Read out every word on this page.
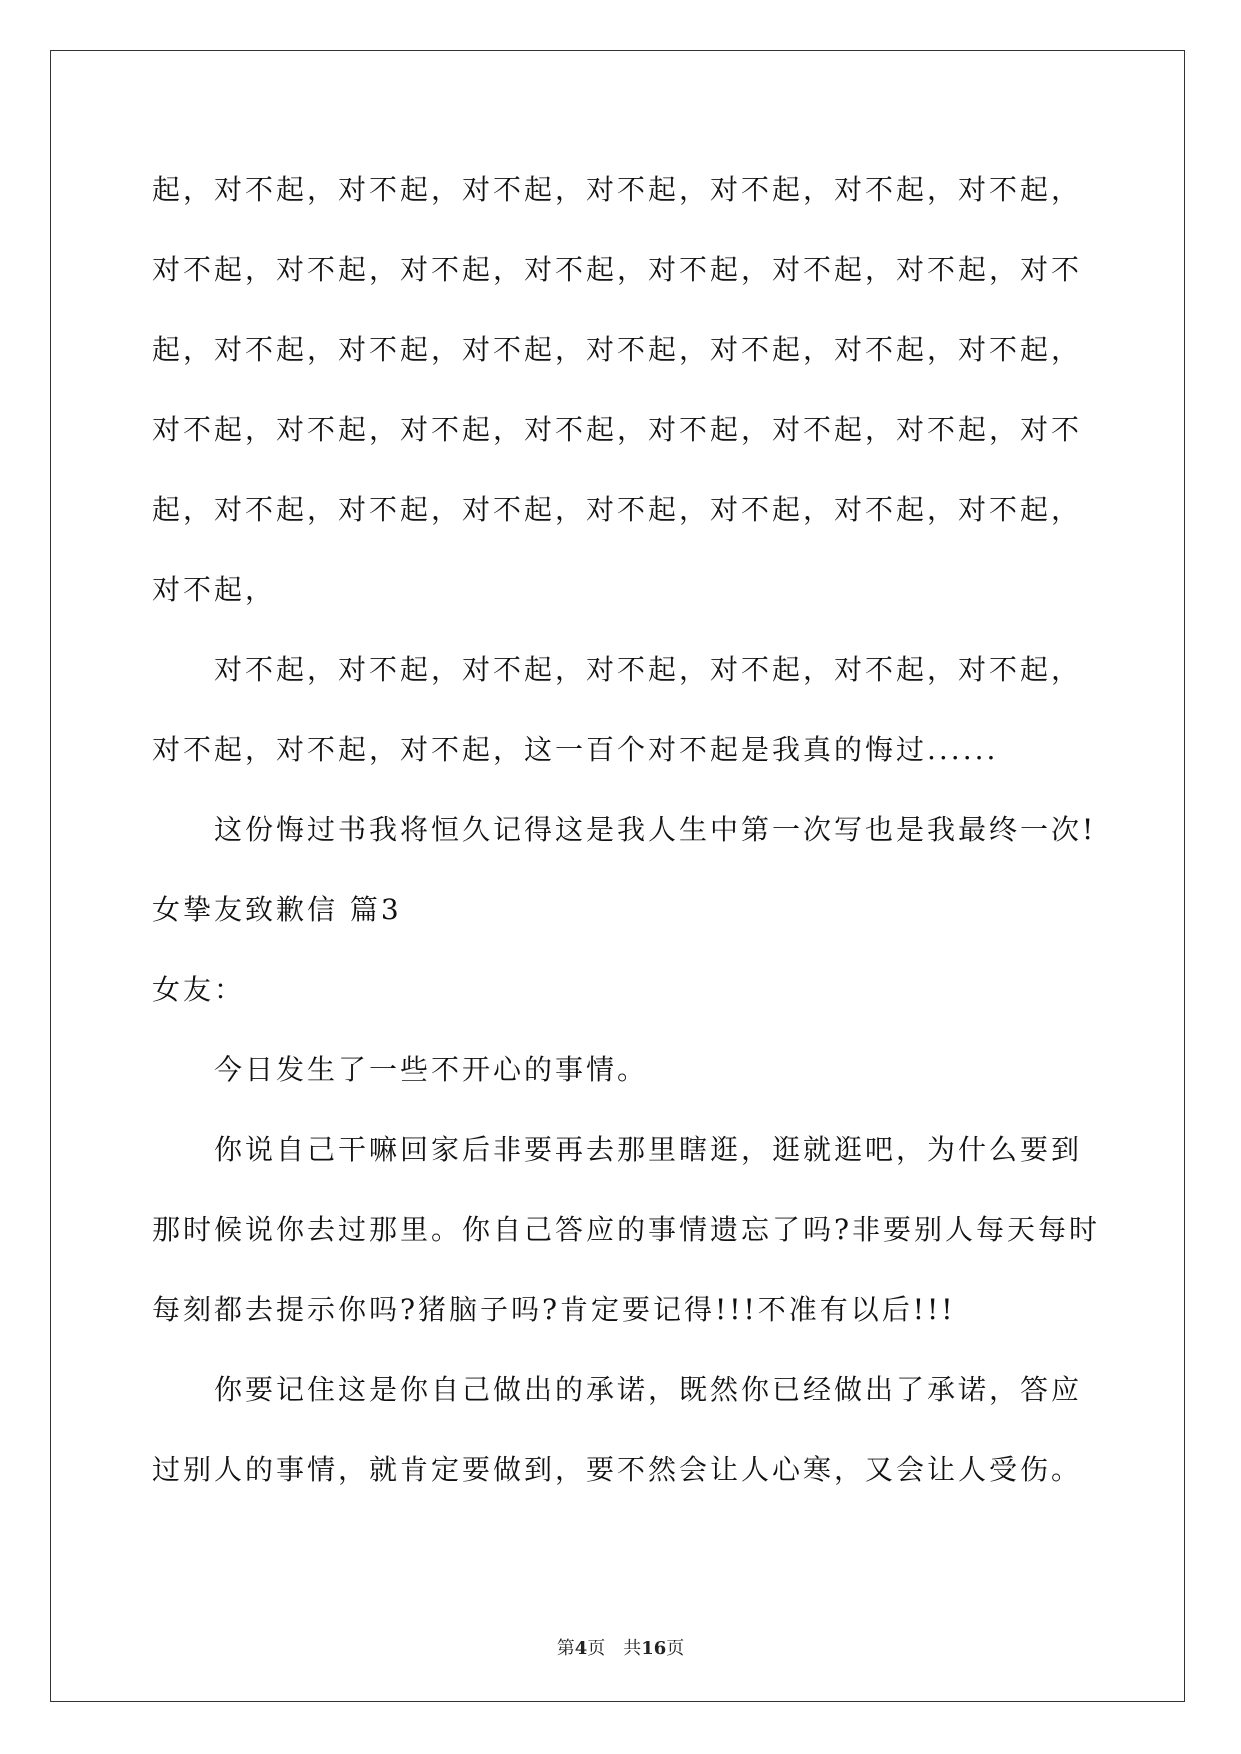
起，对不起，对不起，对不起，对不起，对不起，对不起，对不起，
对不起，对不起，对不起，对不起，对不起，对不起，对不起，对不
起，对不起，对不起，对不起，对不起，对不起，对不起，对不起，
对不起，对不起，对不起，对不起，对不起，对不起，对不起，对不
起，对不起，对不起，对不起，对不起，对不起，对不起，对不起，
对不起，
对不起，对不起，对不起，对不起，对不起，对不起，对不起，
对不起，对不起，对不起，这一百个对不起是我真的悔过......
这份悔过书我将恒久记得这是我人生中第一次写也是我最终一次!
女挚友致歉信 篇3
女友：
今日发生了一些不开心的事情。
你说自己干嘛回家后非要再去那里瞎逛，逛就逛吧，为什么要到
那时候说你去过那里。你自己答应的事情遗忘了吗?非要别人每天每时
每刻都去提示你吗?猪脑子吗?肯定要记得!!!不准有以后!!!
你要记住这是你自己做出的承诺，既然你已经做出了承诺，答应
过别人的事情，就肯定要做到，要不然会让人心寒，又会让人受伤。
第4页　共16页
